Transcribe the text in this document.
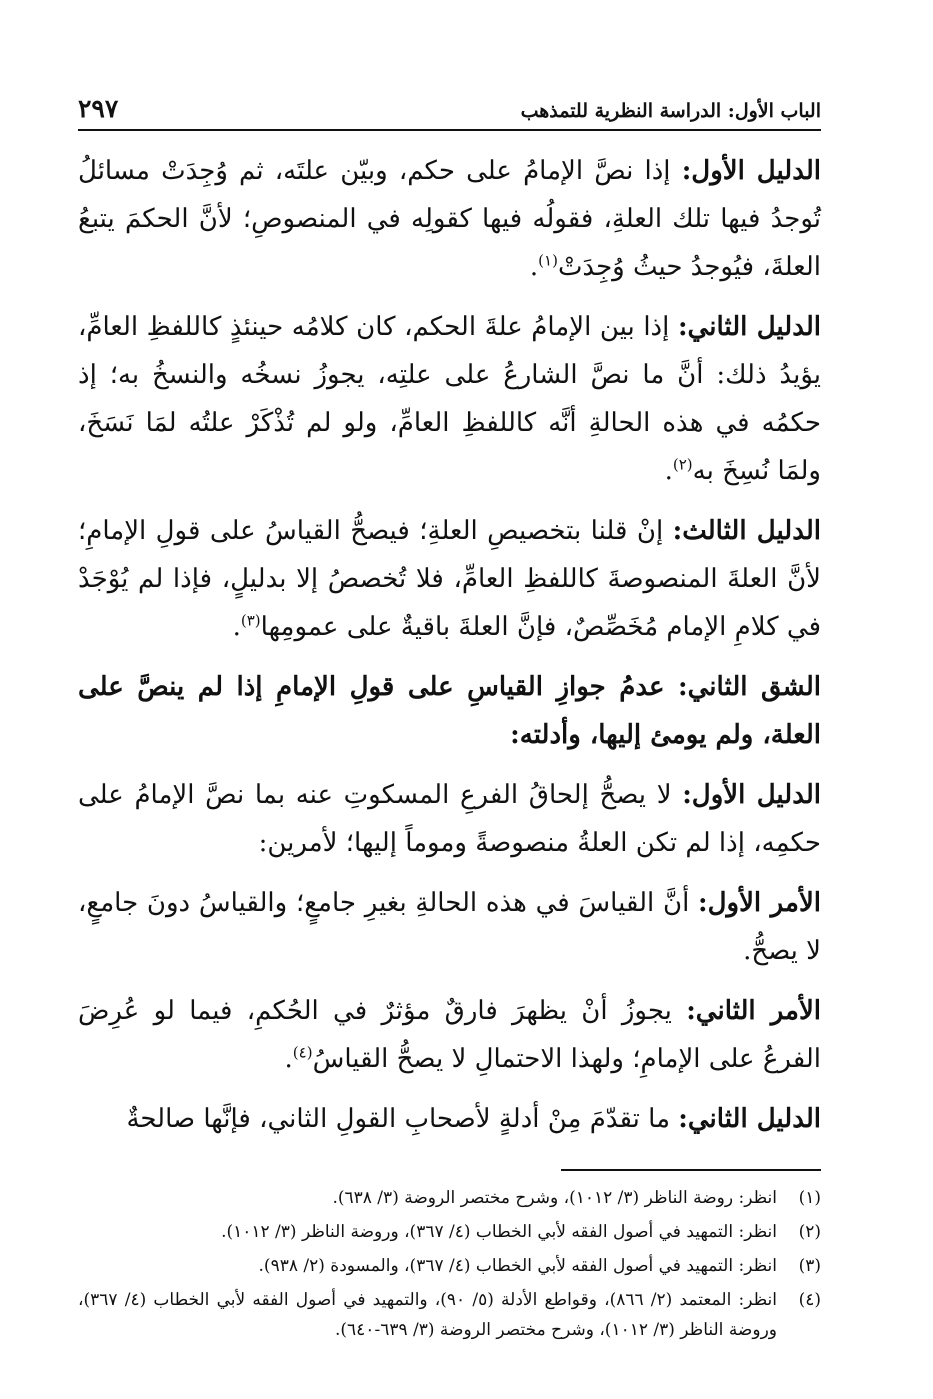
الباب الأول: الدراسة النظرية للتمذهب
٢٩٧

الدليل الأول: إذا نصَّ الإمامُ على حكم، وبيّن علتَه، ثم وُجِدَتْ مسائلُ تُوجدُ فيها تلك العلةِ، فقولُه فيها كقولِه في المنصوصِ؛ لأنَّ الحكمَ يتبعُ العلةَ، فيُوجدُ حيثُ وُجِدَتْ$^{(١)}$.

الدليل الثاني: إذا بين الإمامُ علةَ الحكم، كان كلامُه حينئذٍ كاللفظِ العامِّ، يؤيدُ ذلك: أنَّ ما نصَّ الشارعُ على علتِه، يجوزُ نسخُه والنسخُ به؛ إذ حكمُه في هذه الحالةِ أنَّه كاللفظِ العامِّ، ولو لم تُذْكَرْ علتُه لمَا نَسَخَ، ولمَا نُسِخَ به$^{(٢)}$.

الدليل الثالث: إنْ قلنا بتخصيصِ العلةِ؛ فيصحُّ القياسُ على قولِ الإمامِ؛ لأنَّ العلةَ المنصوصةَ كاللفظِ العامِّ، فلا تُخصصُ إلا بدليلٍ، فإذا لم يُوْجَدْ في كلامِ الإمام مُخَصِّصٌ، فإنَّ العلةَ باقيةٌ على عمومِها$^{(٣)}$.

الشق الثاني: عدمُ جوازِ القياسِ على قولِ الإمامِ إذا لم ينصَّ على العلة، ولم يومئ إليها، وأدلته:

الدليل الأول: لا يصحُّ إلحاقُ الفرعِ المسكوتِ عنه بما نصَّ الإمامُ على حكمِه، إذا لم تكن العلةُ منصوصةً وموماً إليها؛ لأمرين:

الأمر الأول: أنَّ القياسَ في هذه الحالةِ بغيرِ جامعٍ؛ والقياسُ دونَ جامعٍ، لا يصحُّ.

الأمر الثاني: يجوزُ أنْ يظهرَ فارقٌ مؤثرٌ في الحُكمِ، فيما لو عُرِضَ الفرعُ على الإمامِ؛ ولهذا الاحتمالِ لا يصحُّ القياسُ$^{(٤)}$.

الدليل الثاني: ما تقدّمَ مِنْ أدلةٍ لأصحابِ القولِ الثاني، فإنَّها صالحةٌ

(١)
انظر: روضة الناظر (٣/ ١٠١٢)، وشرح مختصر الروضة (٣/ ٦٣٨).
(٢)
انظر: التمهيد في أصول الفقه لأبي الخطاب (٤/ ٣٦٧)، وروضة الناظر (٣/ ١٠١٢).
(٣)
انظر: التمهيد في أصول الفقه لأبي الخطاب (٤/ ٣٦٧)، والمسودة (٢/ ٩٣٨).
(٤)
انظر: المعتمد (٢/ ٨٦٦)، وقواطع الأدلة (٥/ ٩٠)، والتمهيد في أصول الفقه لأبي الخطاب (٤/ ٣٦٧)، وروضة الناظر (٣/ ١٠١٢)، وشرح مختصر الروضة (٣/ ٦٣٩-٦٤٠).
